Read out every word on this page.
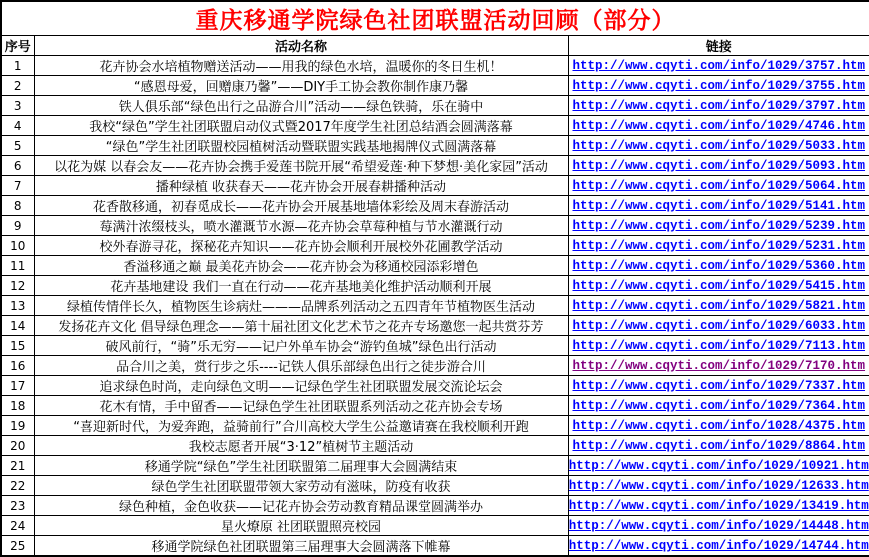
重庆移通学院绿色社团联盟活动回顾（部分）		
序号	活动名称	链接
1	花卉协会水培植物赠送活动——用我的绿色水培，温暖你的冬日生机！	http://www.cqyti.com/info/1029/3757.htm
2	“感恩母爱，回赠康乃馨”——DIY手工协会教你制作康乃馨	http://www.cqyti.com/info/1029/3755.htm
3	铁人俱乐部“绿色出行之品游合川”活动——绿色铁骑，乐在骑中	http://www.cqyti.com/info/1029/3797.htm
4	我校“绿色”学生社团联盟启动仪式暨2017年度学生社团总结酒会圆满落幕	http://www.cqyti.com/info/1029/4746.htm
5	“绿色”学生社团联盟校园植树活动暨联盟实践基地揭牌仪式圆满落幕	http://www.cqyti.com/info/1029/5033.htm
6	以花为媒 以春会友——花卉协会携手爱莲书院开展“希望爱莲·种下梦想·美化家园”活动	http://www.cqyti.com/info/1029/5093.htm
7	播种绿植 收获春天——花卉协会开展春耕播种活动	http://www.cqyti.com/info/1029/5064.htm
8	花香散移通，初春觅成长——花卉协会开展基地墙体彩绘及周末春游活动	http://www.cqyti.com/info/1029/5141.htm
9	莓满汁浓缀枝头，喷水灌溉节水源—花卉协会草莓种植与节水灌溉行动	http://www.cqyti.com/info/1029/5239.htm
10	校外春游寻花，探秘花卉知识——花卉协会顺利开展校外花圃教学活动	http://www.cqyti.com/info/1029/5231.htm
11	香溢移通之巅 最美花卉协会——花卉协会为移通校园添彩增色	http://www.cqyti.com/info/1029/5360.htm
12	花卉基地建设 我们一直在行动——花卉基地美化维护活动顺利开展	http://www.cqyti.com/info/1029/5415.htm
13	绿植传情伴长久，植物医生诊病灶———品牌系列活动之五四青年节植物医生活动	http://www.cqyti.com/info/1029/5821.htm
14	发扬花卉文化 倡导绿色理念——第十届社团文化艺术节之花卉专场邀您一起共赏芬芳	http://www.cqyti.com/info/1029/6033.htm
15	破风前行，“骑”乐无穷——记户外单车协会“游钓鱼城”绿色出行活动	http://www.cqyti.com/info/1029/7113.htm
16	品合川之美，赏行步之乐----记铁人俱乐部绿色出行之徒步游合川	http://www.cqyti.com/info/1029/7170.htm
17	追求绿色时尚，走向绿色文明——记绿色学生社团联盟发展交流论坛会	http://www.cqyti.com/info/1029/7337.htm
18	花木有情，手中留香——记绿色学生社团联盟系列活动之花卉协会专场	http://www.cqyti.com/info/1029/7364.htm
19	“喜迎新时代，为爱奔跑，益骑前行”合川高校大学生公益邀请赛在我校顺利开跑	http://www.cqyti.com/info/1028/4375.htm
20	我校志愿者开展“3·12”植树节主题活动	http://www.cqyti.com/info/1029/8864.htm
21	移通学院“绿色”学生社团联盟第二届理事大会圆满结束	http://www.cqyti.com/info/1029/10921.htm
22	绿色学生社团联盟带领大家劳动有滋味，防疫有收获	http://www.cqyti.com/info/1029/12633.htm
23	绿色种植，金色收获——记花卉协会劳动教育精品课堂圆满举办	http://www.cqyti.com/info/1029/13419.htm
24	星火燎原 社团联盟照亮校园	http://www.cqyti.com/info/1029/14448.htm
25	移通学院绿色社团联盟第三届理事大会圆满落下帷幕	http://www.cqyti.com/info/1029/14744.htm
